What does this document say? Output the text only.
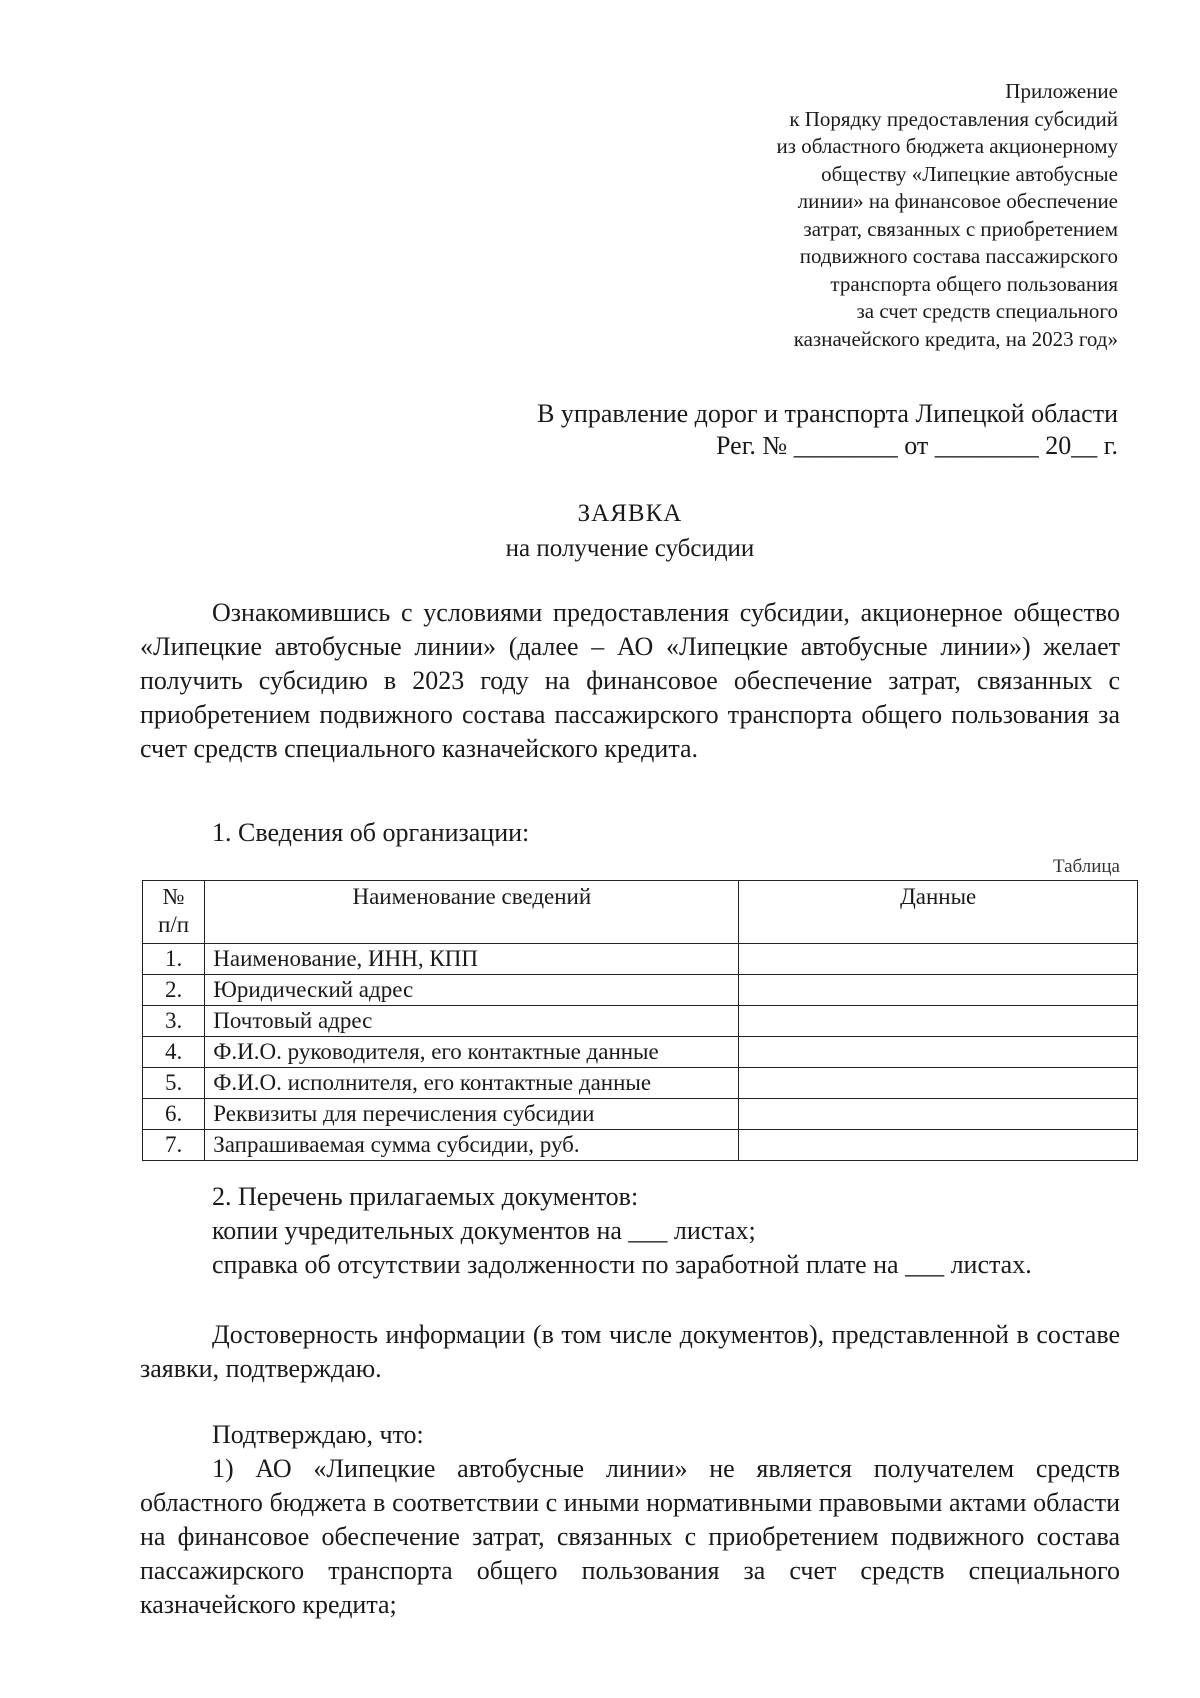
Приложение
к Порядку предоставления субсидий
из областного бюджета акционерному
обществу «Липецкие автобусные
линии» на финансовое обеспечение
затрат, связанных с приобретением
подвижного состава пассажирского
транспорта общего пользования
за счет средств специального
казначейского кредита, на 2023 год»
В управление дорог и транспорта Липецкой области
Рег. № ________ от ________ 20__ г.
ЗАЯВКА
на получение субсидии

Ознакомившись с условиями предоставления субсидии, акционерное общество «Липецкие автобусные линии» (далее – АО «Липецкие автобусные линии») желает получить субсидию в 2023 году на финансовое обеспечение затрат, связанных с приобретением подвижного состава пассажирского транспорта общего пользования за счет средств специального казначейского кредита.

1. Сведения об организации:
Таблица
№ п/п	Наименование сведений	Данные
1.	Наименование, ИНН, КПП	
2.	Юридический адрес	
3.	Почтовый адрес	
4.	Ф.И.О. руководителя, его контактные данные	
5.	Ф.И.О. исполнителя, его контактные данные	
6.	Реквизиты для перечисления субсидии	
7.	Запрашиваемая сумма субсидии, руб.	
2. Перечень прилагаемых документов:
копии учредительных документов на ___ листах;
справка об отсутствии задолженности по заработной плате на ___ листах.

Достоверность информации (в том числе документов), представленной в составе заявки, подтверждаю.

Подтверждаю, что:

1) АО «Липецкие автобусные линии» не является получателем средств областного бюджета в соответствии с иными нормативными правовыми актами области на финансовое обеспечение затрат, связанных с приобретением подвижного состава пассажирского транспорта общего пользования за счет средств специального казначейского кредита;
